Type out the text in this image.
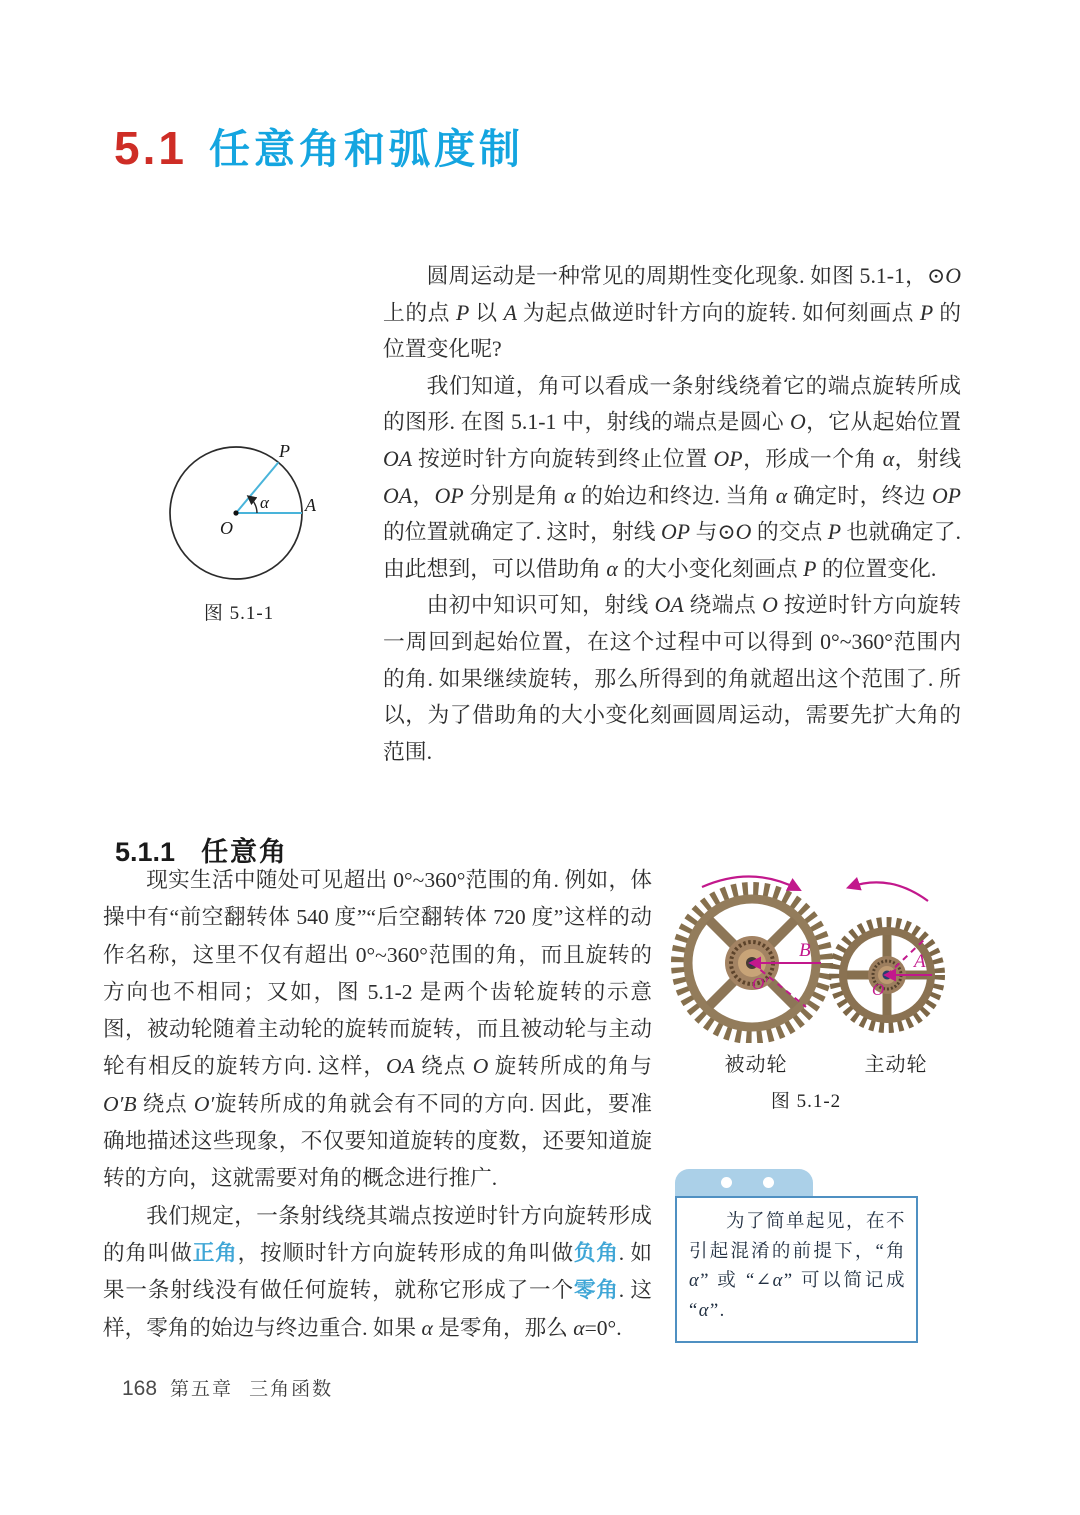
5.1 任意角和弧度制

圆周运动是一种常见的周期性变化现象. 如图 5.1-1，⊙O 上的点 P 以 A 为起点做逆时针方向的旋转. 如何刻画点 P 的位置变化呢?

我们知道，角可以看成一条射线绕着它的端点旋转所成的图形. 在图 5.1-1 中，射线的端点是圆心 O，它从起始位置 OA 按逆时针方向旋转到终止位置 OP，形成一个角 α，射线 OA，OP 分别是角 α 的始边和终边. 当角 α 确定时，终边 OP 的位置就确定了. 这时，射线 OP 与⊙O 的交点 P 也就确定了. 由此想到，可以借助角 α 的大小变化刻画点 P 的位置变化.

由初中知识可知，射线 OA 绕端点 O 按逆时针方向旋转一周回到起始位置，在这个过程中可以得到 0°~360°范围内的角. 如果继续旋转，那么所得到的角就超出这个范围了. 所以，为了借助角的大小变化刻画圆周运动，需要先扩大角的范围.

P
A
O
α
图 5.1-1
5.1.1 任意角

现实生活中随处可见超出 0°~360°范围的角. 例如，体操中有“前空翻转体 540 度”“后空翻转体 720 度”这样的动作名称，这里不仅有超出 0°~360°范围的角，而且旋转的方向也不相同；又如，图 5.1-2 是两个齿轮旋转的示意图，被动轮随着主动轮的旋转而旋转，而且被动轮与主动轮有相反的旋转方向. 这样，OA 绕点 O 旋转所成的角与 O′B 绕点 O′旋转所成的角就会有不同的方向. 因此，要准确地描述这些现象，不仅要知道旋转的度数，还要知道旋转的方向，这就需要对角的概念进行推广.

我们规定，一条射线绕其端点按逆时针方向旋转形成的角叫做正角，按顺时针方向旋转形成的角叫做负角. 如果一条射线没有做任何旋转，就称它形成了一个零角. 这样，零角的始边与终边重合. 如果 α 是零角，那么 α=0°.

B
O′
A
O
被动轮	主动轮
图 5.1-2

为了简单起见，在不引起混淆的前提下，“角 α” 或 “∠α” 可以简记成 “α”.

168 第五章 三角函数
